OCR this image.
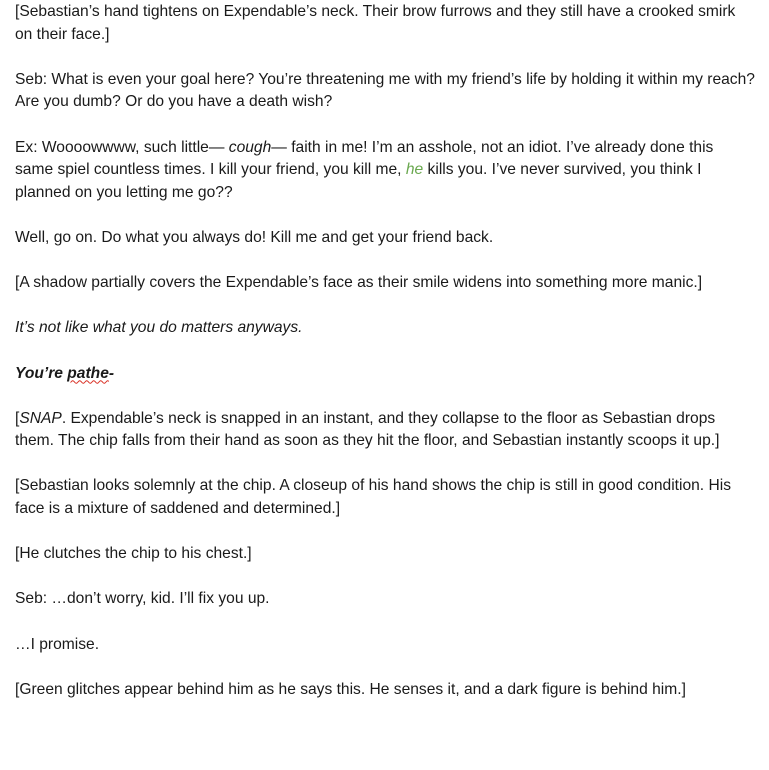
[Sebastian’s hand tightens on Expendable’s neck. Their brow furrows and they still have a crooked smirk on their face.]

Seb: What is even your goal here? You’re threatening me with my friend’s life by holding it within my reach? Are you dumb? Or do you have a death wish?

Ex: Woooowwww, such little— cough— faith in me! I’m an asshole, not an idiot. I’ve already done this same spiel countless times. I kill your friend, you kill me, he kills you. I’ve never survived, you think I planned on you letting me go??

Well, go on. Do what you always do! Kill me and get your friend back.

[A shadow partially covers the Expendable’s face as their smile widens into something more manic.]

It’s not like what you do matters anyways.

You’re pathe-

[SNAP. Expendable’s neck is snapped in an instant, and they collapse to the floor as Sebastian drops them. The chip falls from their hand as soon as they hit the floor, and Sebastian instantly scoops it up.]

[Sebastian looks solemnly at the chip. A closeup of his hand shows the chip is still in good condition. His face is a mixture of saddened and determined.]

[He clutches the chip to his chest.]

Seb: …don’t worry, kid. I’ll fix you up.

…I promise.

[Green glitches appear behind him as he says this. He senses it, and a dark figure is behind him.]
